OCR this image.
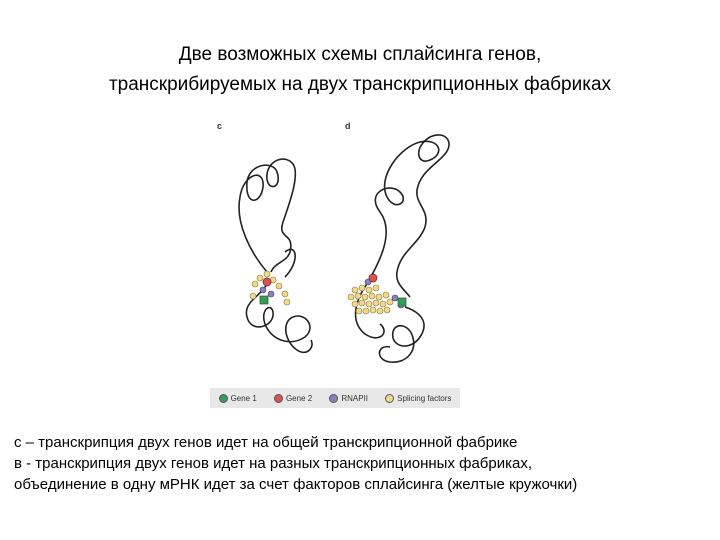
Две возможных схемы сплайсинга генов,
транскрибируемых на двух транскрипционных фабриках
c	d
Gene 1	Gene 2	RNAPII	Splicing factors
с – транскрипция двух генов идет на общей транскрипционной фабрике
в - транскрипция двух генов идет на разных транскрипционных фабриках,
объединение в одну мРНК идет за счет факторов сплайсинга (желтые кружочки)
